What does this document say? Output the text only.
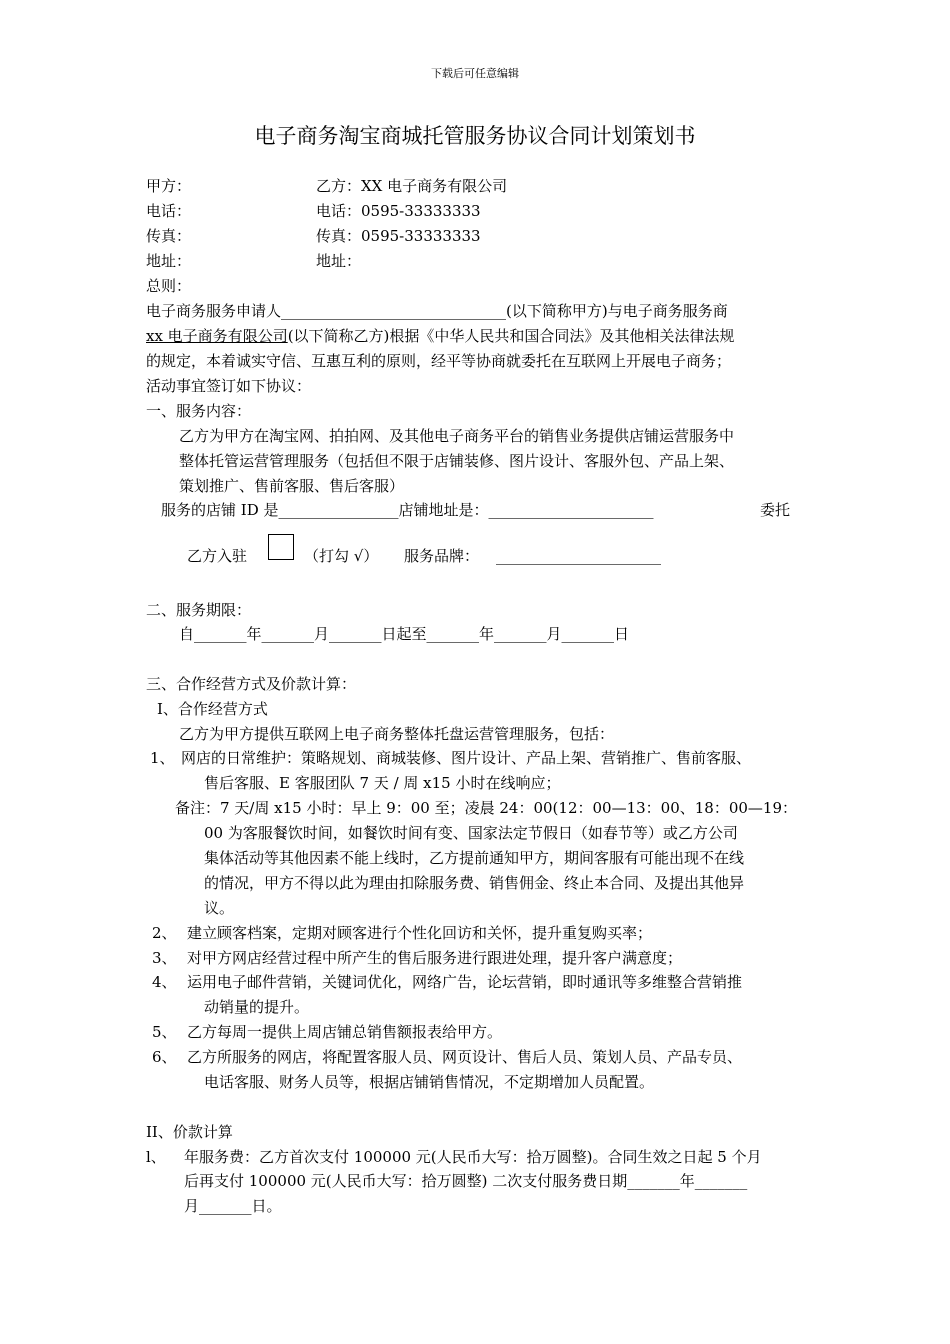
下载后可任意编辑
电子商务淘宝商城托管服务协议合同计划策划书
甲方：	乙方：XX 电子商务有限公司
电话：	电话：0595-33333333
传真：	传真：0595-33333333
地址：	地址：
总则：
电子商务服务申请人______________________________(以下简称甲方)与电子商务服务商
xx 电子商务有限公司(以下简称乙方)根据《中华人民共和国合同法》及其他相关法律法规
的规定，本着诚实守信、互惠互利的原则，经平等协商就委托在互联网上开展电子商务；
活动事宜签订如下协议：
一、服务内容：
乙方为甲方在淘宝网、拍拍网、及其他电子商务平台的销售业务提供店铺运营服务中
整体托管运营管理服务（包括但不限于店铺装修、图片设计、客服外包、产品上架、
策划推广、售前客服、售后客服）
服务的店铺 ID 是________________店铺地址是：______________________	委托
乙方入驻	（打勾 √） 服务品牌： ______________________
二、服务期限：
自_______年_______月_______日起至_______年_______月_______日
三、合作经营方式及价款计算：
I、合作经营方式
乙方为甲方提供互联网上电子商务整体托盘运营管理服务，包括：
1、 网店的日常维护：策略规划、商城装修、图片设计、产品上架、营销推广、售前客服、
售后客服、E 客服团队 7 天 / 周 x15 小时在线响应；
备注：7 天/周 x15 小时：早上 9：00 至；凌晨 24：00(12：00—13：00、18：00—19：
00 为客服餐饮时间，如餐饮时间有变、国家法定节假日（如春节等）或乙方公司
集体活动等其他因素不能上线时，乙方提前通知甲方，期间客服有可能出现不在线
的情况，甲方不得以此为理由扣除服务费、销售佣金、终止本合同、及提出其他异
议。
2、 建立顾客档案，定期对顾客进行个性化回访和关怀，提升重复购买率；
3、 对甲方网店经营过程中所产生的售后服务进行跟进处理，提升客户满意度；
4、 运用电子邮件营销，关键词优化，网络广告，论坛营销，即时通讯等多维整合营销推
动销量的提升。
5、 乙方每周一提供上周店铺总销售额报表给甲方。
6、 乙方所服务的网店，将配置客服人员、网页设计、售后人员、策划人员、产品专员、
电话客服、财务人员等，根据店铺销售情况，不定期增加人员配置。
II、价款计算
l、 年服务费：乙方首次支付 100000 元(人民币大写：拾万圆整)。合同生效之日起 5 个月
后再支付 100000 元(人民币大写：拾万圆整) 二次支付服务费日期_______年_______
月_______日。
